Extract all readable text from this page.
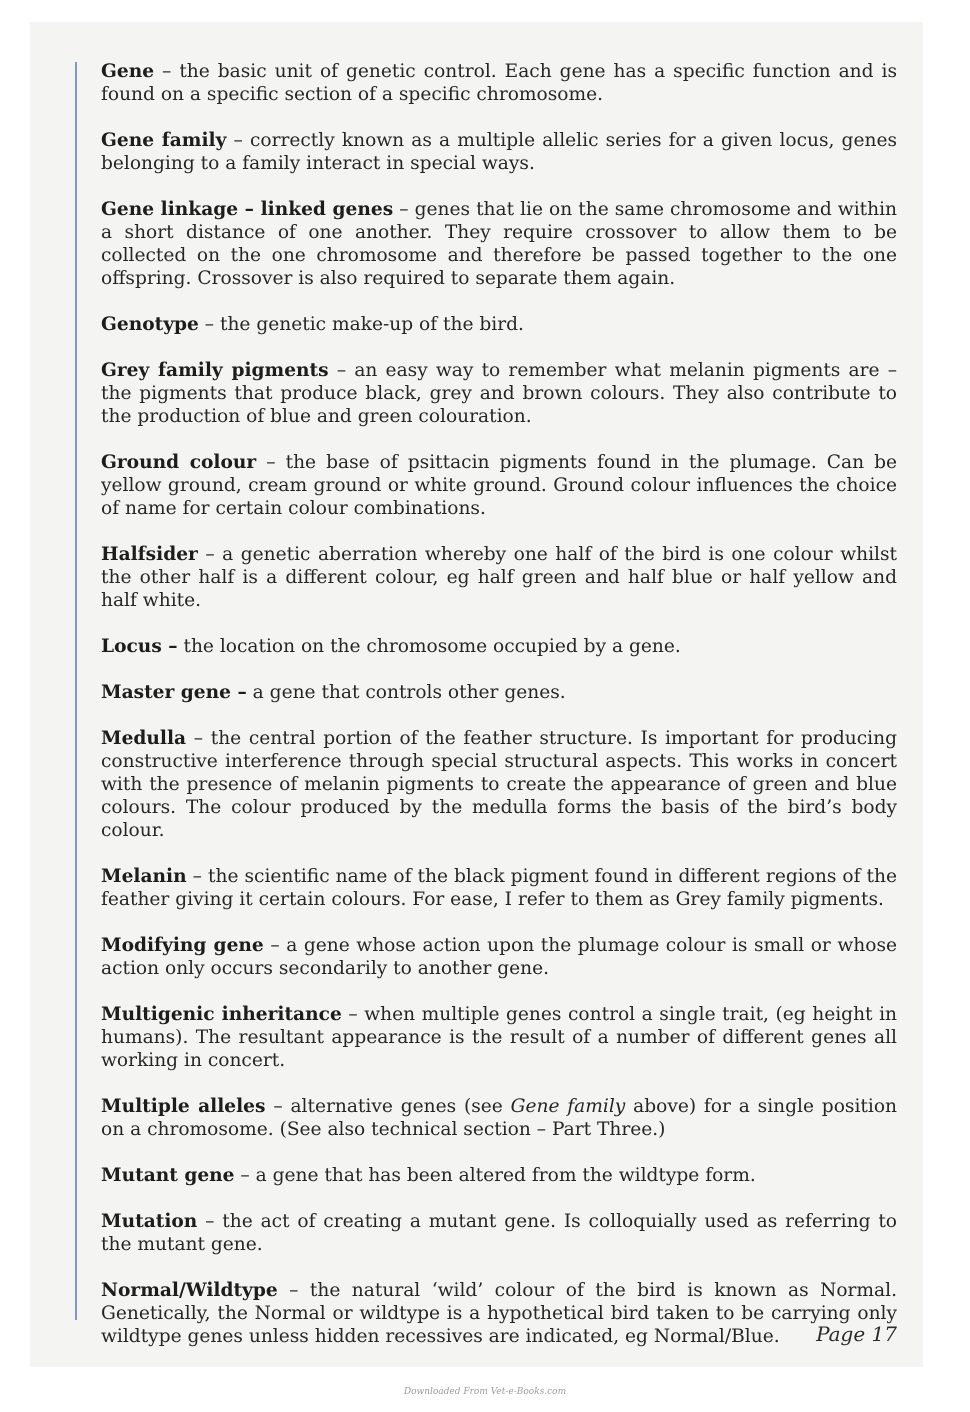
Gene – the basic unit of genetic control. Each gene has a specific function and is found on a specific section of a specific chromosome.

Gene family – correctly known as a multiple allelic series for a given locus, genes belonging to a family interact in special ways.

Gene linkage – linked genes – genes that lie on the same chromosome and within a short distance of one another. They require crossover to allow them to be collected on the one chromosome and therefore be passed together to the one offspring. Crossover is also required to separate them again.

Genotype – the genetic make-up of the bird.

Grey family pigments – an easy way to remember what melanin pigments are – the pigments that produce black, grey and brown colours. They also contribute to the production of blue and green colouration.

Ground colour – the base of psittacin pigments found in the plumage. Can be yellow ground, cream ground or white ground. Ground colour influences the choice of name for certain colour combinations.

Halfsider – a genetic aberration whereby one half of the bird is one colour whilst the other half is a different colour, eg half green and half blue or half yellow and half white.

Locus – the location on the chromosome occupied by a gene.

Master gene – a gene that controls other genes.

Medulla – the central portion of the feather structure. Is important for producing constructive interference through special structural aspects. This works in concert with the presence of melanin pigments to create the appearance of green and blue colours. The colour produced by the medulla forms the basis of the bird’s body colour.

Melanin – the scientific name of the black pigment found in different regions of the feather giving it certain colours. For ease, I refer to them as Grey family pigments.

Modifying gene – a gene whose action upon the plumage colour is small or whose action only occurs secondarily to another gene.

Multigenic inheritance – when multiple genes control a single trait, (eg height in humans). The resultant appearance is the result of a number of different genes all working in concert.

Multiple alleles – alternative genes (see Gene family above) for a single position on a chromosome. (See also technical section – Part Three.)

Mutant gene – a gene that has been altered from the wildtype form.

Mutation – the act of creating a mutant gene. Is colloquially used as referring to the mutant gene.

Normal/Wildtype – the natural ‘wild’ colour of the bird is known as Normal. Genetically, the Normal or wildtype is a hypothetical bird taken to be carrying only wildtype genes unless hidden recessives are indicated, eg Normal/Blue.	Page 17
Downloaded From Vet-e-Books.com
